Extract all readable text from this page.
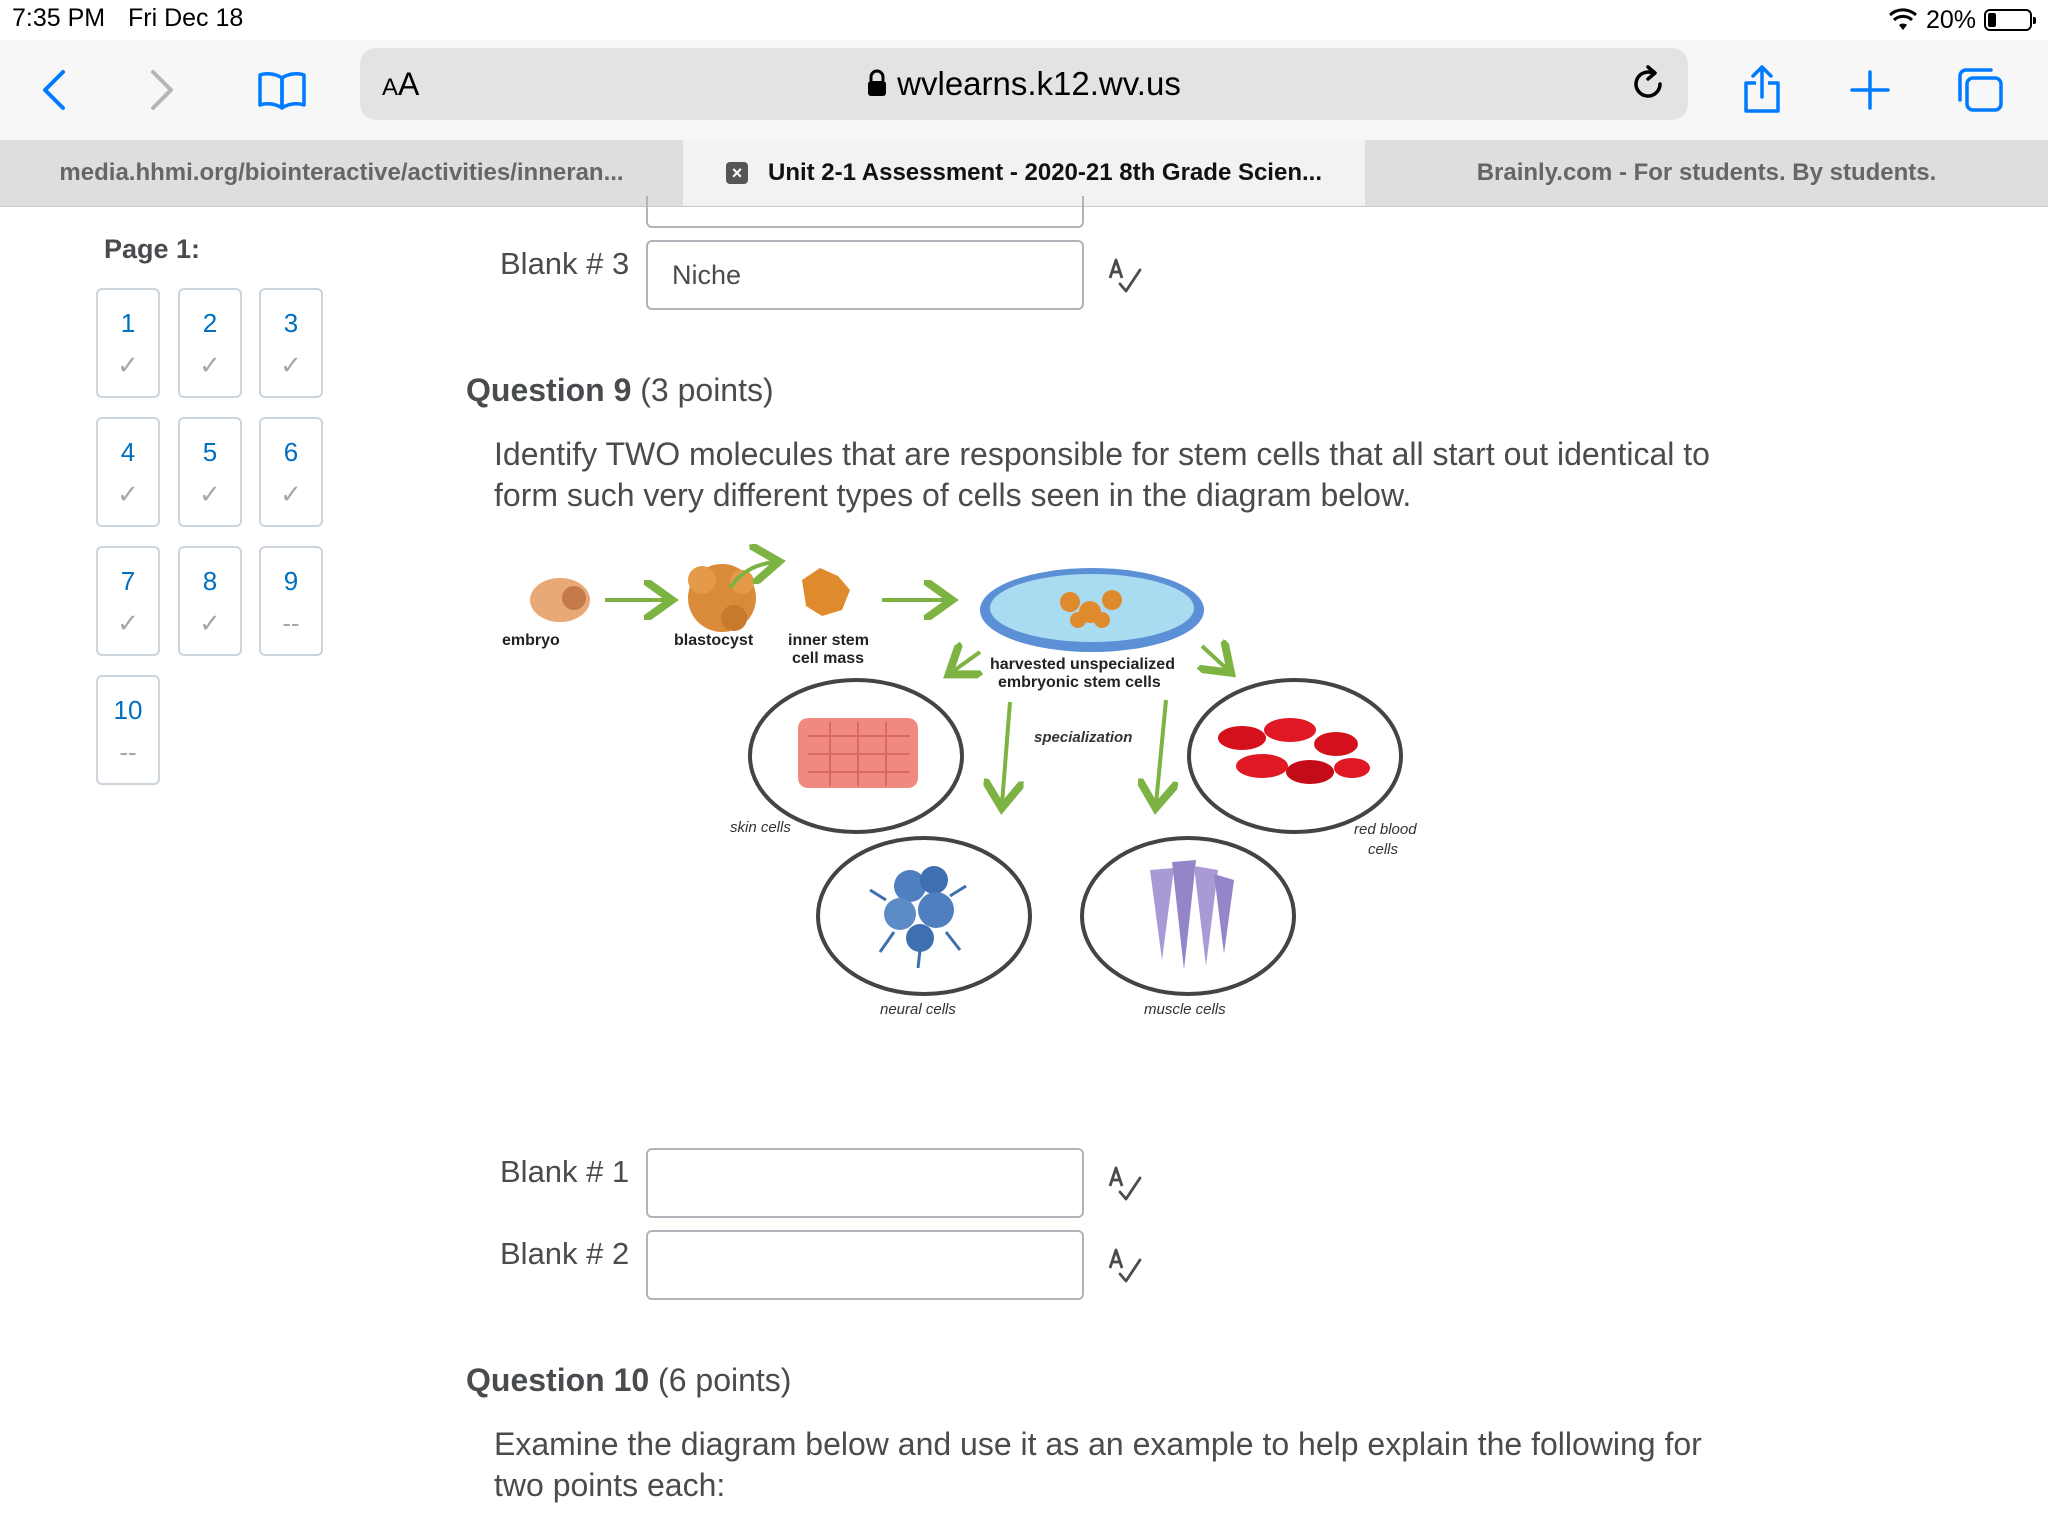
7:35 PM Fri Dec 18	20%
AA	wvlearns.k12.wv.us
media.hhmi.org/biointeractive/activities/inneran...	× Unit 2-1 Assessment - 2020-21 8th Grade Scien...	Brainly.com - For students. By students.
Page 1:
1
✓
2
✓
3
✓
4
✓
5
✓
6
✓
7
✓
8
✓
9
--
10
--
Blank # 3
Niche
Question 9 (3 points)
Identify TWO molecules that are responsible for stem cells that all start out identical to form such very different types of cells seen in the diagram below.
embryo	blastocyst inner stem
cell mass	harvested unspecialized
embryonic stem cells
specialization
skin cells	red blood
cells
neural cells	muscle cells
Blank # 1
Blank # 2
Question 10 (6 points)
Examine the diagram below and use it as an example to help explain the following for two points each:
